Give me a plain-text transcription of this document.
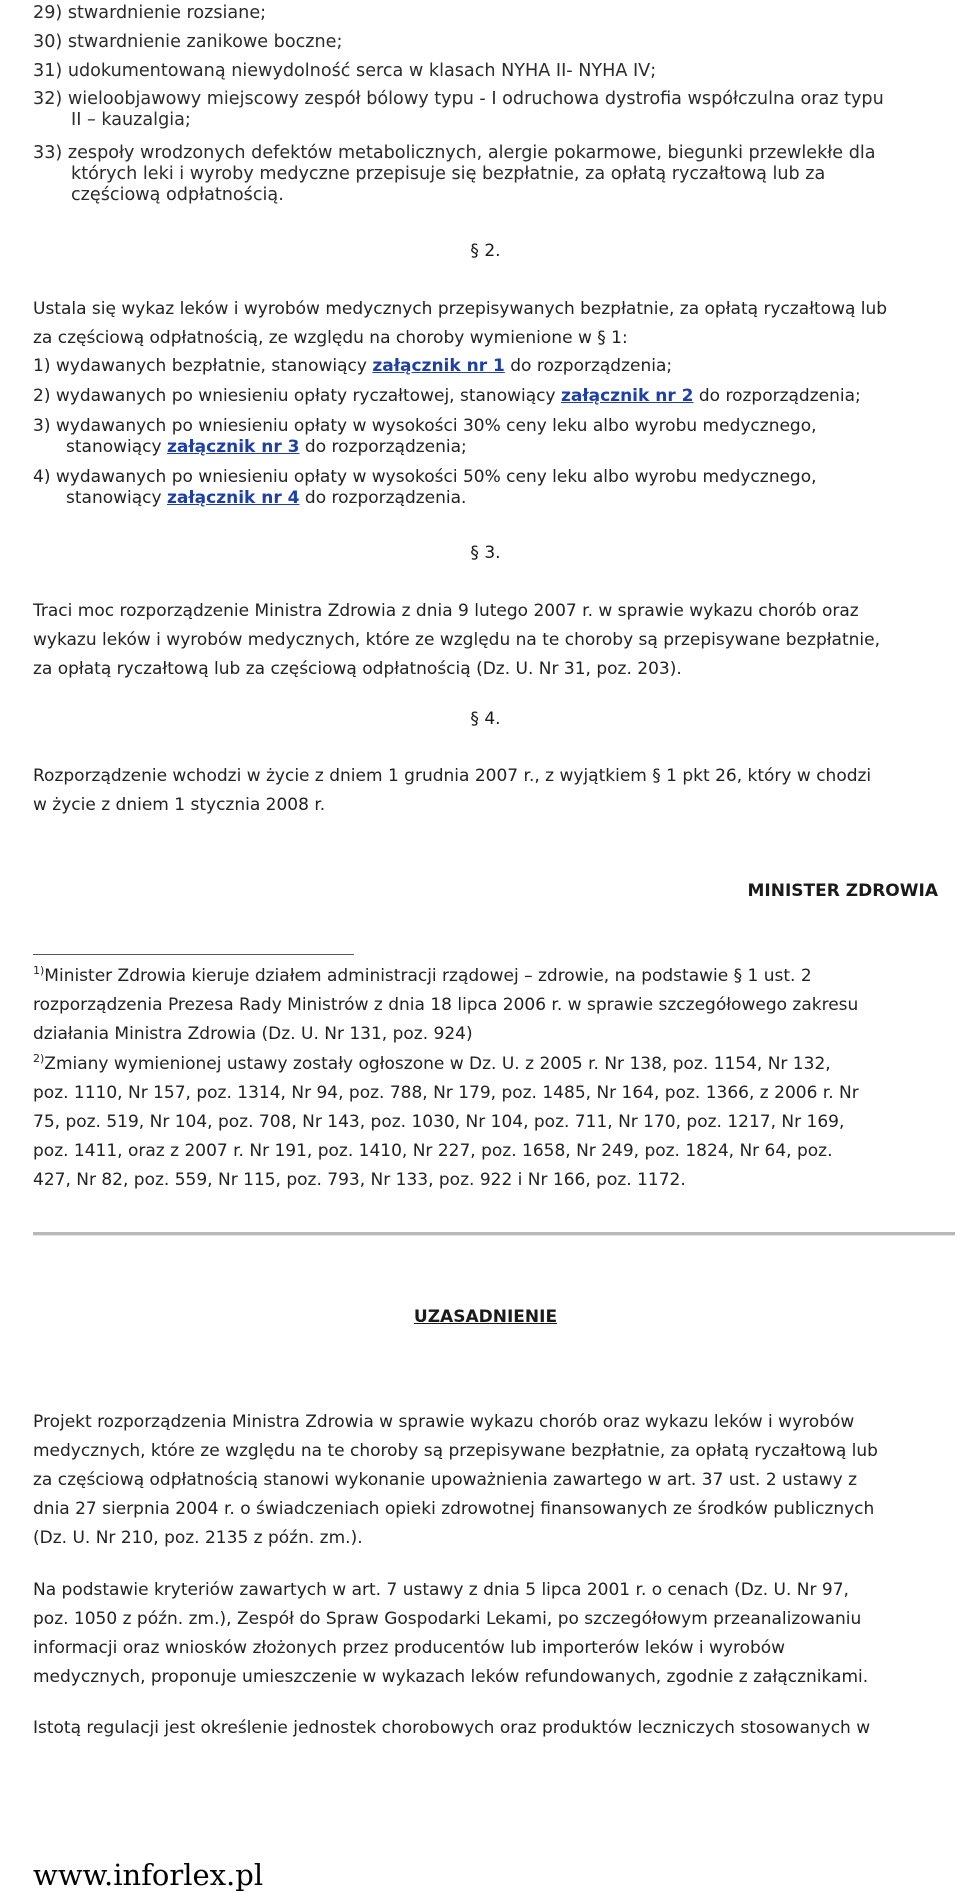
29) stwardnienie rozsiane;
30) stwardnienie zanikowe boczne;
31) udokumentowaną niewydolność serca w klasach NYHA II- NYHA IV;
32) wieloobjawowy miejscowy zespół bólowy typu - I odruchowa dystrofia współczulna oraz typu
II – kauzalgia;
33) zespoły wrodzonych defektów metabolicznych, alergie pokarmowe, biegunki przewlekłe dla
których leki i wyroby medyczne przepisuje się bezpłatnie, za opłatą ryczałtową lub za
częściową odpłatnością.
§ 2.
Ustala się wykaz leków i wyrobów medycznych przepisywanych bezpłatnie, za opłatą ryczałtową lub
za częściową odpłatnością, ze względu na choroby wymienione w § 1:
1) wydawanych bezpłatnie, stanowiący załącznik nr 1 do rozporządzenia;
2) wydawanych po wniesieniu opłaty ryczałtowej, stanowiący załącznik nr 2 do rozporządzenia;
3) wydawanych po wniesieniu opłaty w wysokości 30% ceny leku albo wyrobu medycznego,
stanowiący załącznik nr 3 do rozporządzenia;
4) wydawanych po wniesieniu opłaty w wysokości 50% ceny leku albo wyrobu medycznego,
stanowiący załącznik nr 4 do rozporządzenia.
§ 3.
Traci moc rozporządzenie Ministra Zdrowia z dnia 9 lutego 2007 r. w sprawie wykazu chorób oraz
wykazu leków i wyrobów medycznych, które ze względu na te choroby są przepisywane bezpłatnie,
za opłatą ryczałtową lub za częściową odpłatnością (Dz. U. Nr 31, poz. 203).
§ 4.
Rozporządzenie wchodzi w życie z dniem 1 grudnia 2007 r., z wyjątkiem § 1 pkt 26, który w chodzi
w życie z dniem 1 stycznia 2008 r.
MINISTER ZDROWIA
$^{1)}$Minister Zdrowia kieruje działem administracji rządowej – zdrowie, na podstawie § 1 ust. 2
rozporządzenia Prezesa Rady Ministrów z dnia 18 lipca 2006 r. w sprawie szczegółowego zakresu
działania Ministra Zdrowia (Dz. U. Nr 131, poz. 924)
$^{2)}$Zmiany wymienionej ustawy zostały ogłoszone w Dz. U. z 2005 r. Nr 138, poz. 1154, Nr 132,
poz. 1110, Nr 157, poz. 1314, Nr 94, poz. 788, Nr 179, poz. 1485, Nr 164, poz. 1366, z 2006 r. Nr
75, poz. 519, Nr 104, poz. 708, Nr 143, poz. 1030, Nr 104, poz. 711, Nr 170, poz. 1217, Nr 169,
poz. 1411, oraz z 2007 r. Nr 191, poz. 1410, Nr 227, poz. 1658, Nr 249, poz. 1824, Nr 64, poz.
427, Nr 82, poz. 559, Nr 115, poz. 793, Nr 133, poz. 922 i Nr 166, poz. 1172.
UZASADNIENIE
Projekt rozporządzenia Ministra Zdrowia w sprawie wykazu chorób oraz wykazu leków i wyrobów
medycznych, które ze względu na te choroby są przepisywane bezpłatnie, za opłatą ryczałtową lub
za częściową odpłatnością stanowi wykonanie upoważnienia zawartego w art. 37 ust. 2 ustawy z
dnia 27 sierpnia 2004 r. o świadczeniach opieki zdrowotnej finansowanych ze środków publicznych
(Dz. U. Nr 210, poz. 2135 z późn. zm.).
Na podstawie kryteriów zawartych w art. 7 ustawy z dnia 5 lipca 2001 r. o cenach (Dz. U. Nr 97,
poz. 1050 z późn. zm.), Zespół do Spraw Gospodarki Lekami, po szczegółowym przeanalizowaniu
informacji oraz wniosków złożonych przez producentów lub importerów leków i wyrobów
medycznych, proponuje umieszczenie w wykazach leków refundowanych, zgodnie z załącznikami.
Istotą regulacji jest określenie jednostek chorobowych oraz produktów leczniczych stosowanych w
www.inforlex.pl
